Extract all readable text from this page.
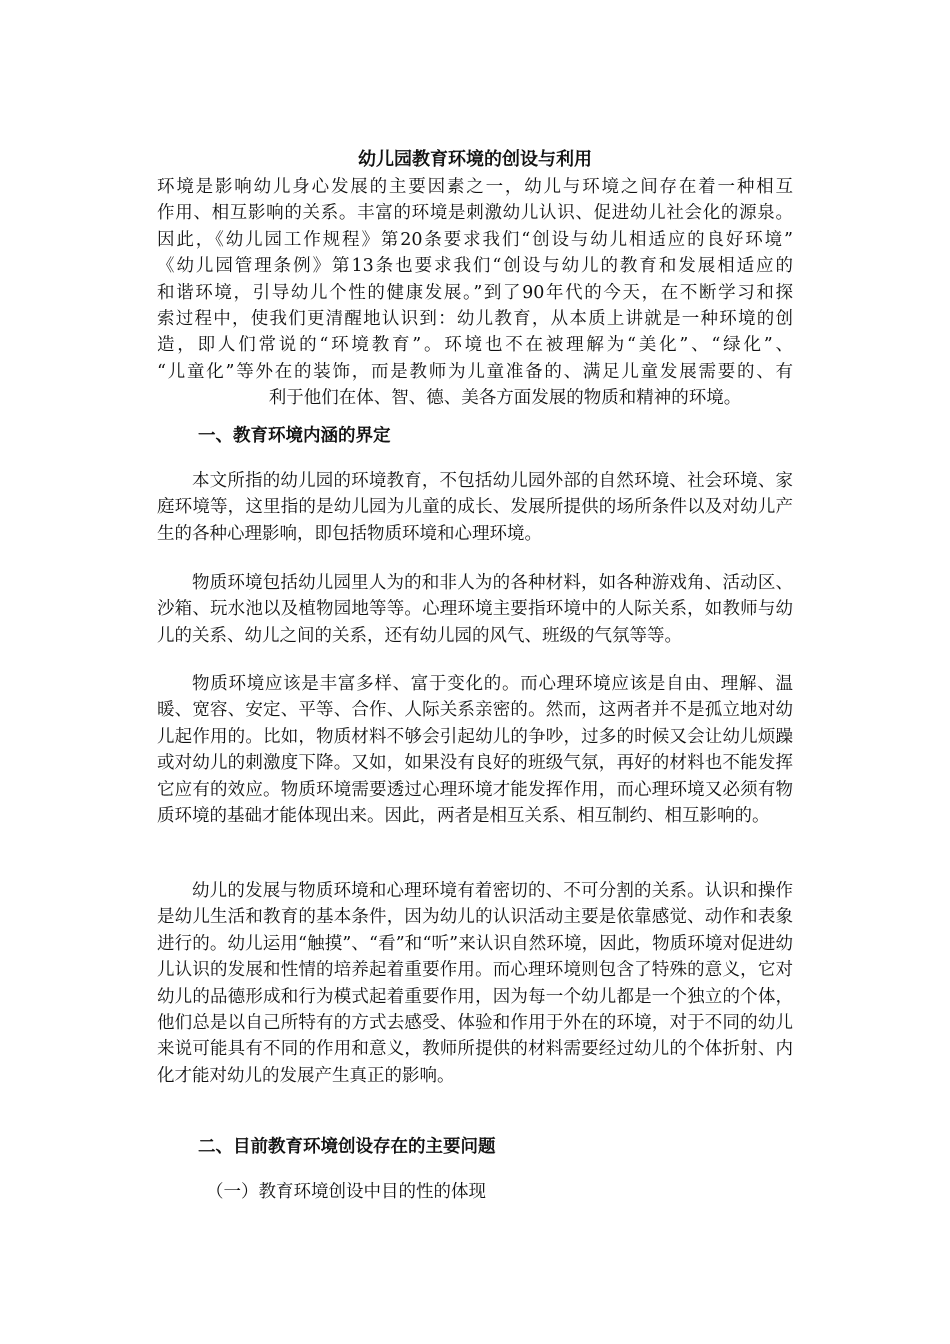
幼儿园教育环境的创设与利用
环境是影响幼儿身心发展的主要因素之一，幼儿与环境之间存在着一种相互
作用、相互影响的关系。丰富的环境是刺激幼儿认识、促进幼儿社会化的源泉。
因此，《幼儿园工作规程》第20条要求我们“创设与幼儿相适应的良好环境”
《幼儿园管理条例》第13条也要求我们“创设与幼儿的教育和发展相适应的
和谐环境，引导幼儿个性的健康发展。”到了90年代的今天，在不断学习和探
索过程中，使我们更清醒地认识到：幼儿教育，从本质上讲就是一种环境的创
造，即人们常说的“环境教育”。环境也不在被理解为“美化”、“绿化”、
“儿童化”等外在的装饰，而是教师为儿童准备的、满足儿童发展需要的、有
利于他们在体、智、德、美各方面发展的物质和精神的环境。
一、教育环境内涵的界定
本文所指的幼儿园的环境教育，不包括幼儿园外部的自然环境、社会环境、家庭环境等，这里指的是幼儿园为儿童的成长、发展所提供的场所条件以及对幼儿产生的各种心理影响，即包括物质环境和心理环境。
物质环境包括幼儿园里人为的和非人为的各种材料，如各种游戏角、活动区、沙箱、玩水池以及植物园地等等。心理环境主要指环境中的人际关系，如教师与幼儿的关系、幼儿之间的关系，还有幼儿园的风气、班级的气氛等等。
物质环境应该是丰富多样、富于变化的。而心理环境应该是自由、理解、温暖、宽容、安定、平等、合作、人际关系亲密的。然而，这两者并不是孤立地对幼儿起作用的。比如，物质材料不够会引起幼儿的争吵，过多的时候又会让幼儿烦躁或对幼儿的刺激度下降。又如，如果没有良好的班级气氛，再好的材料也不能发挥它应有的效应。物质环境需要透过心理环境才能发挥作用，而心理环境又必须有物质环境的基础才能体现出来。因此，两者是相互关系、相互制约、相互影响的。
幼儿的发展与物质环境和心理环境有着密切的、不可分割的关系。认识和操作是幼儿生活和教育的基本条件，因为幼儿的认识活动主要是依靠感觉、动作和表象进行的。幼儿运用“触摸”、“看”和“听”来认识自然环境，因此，物质环境对促进幼儿认识的发展和性情的培养起着重要作用。而心理环境则包含了特殊的意义，它对幼儿的品德形成和行为模式起着重要作用，因为每一个幼儿都是一个独立的个体，他们总是以自己所特有的方式去感受、体验和作用于外在的环境，对于不同的幼儿来说可能具有不同的作用和意义，教师所提供的材料需要经过幼儿的个体折射、内化才能对幼儿的发展产生真正的影响。
二、目前教育环境创设存在的主要问题
（一）教育环境创设中目的性的体现
